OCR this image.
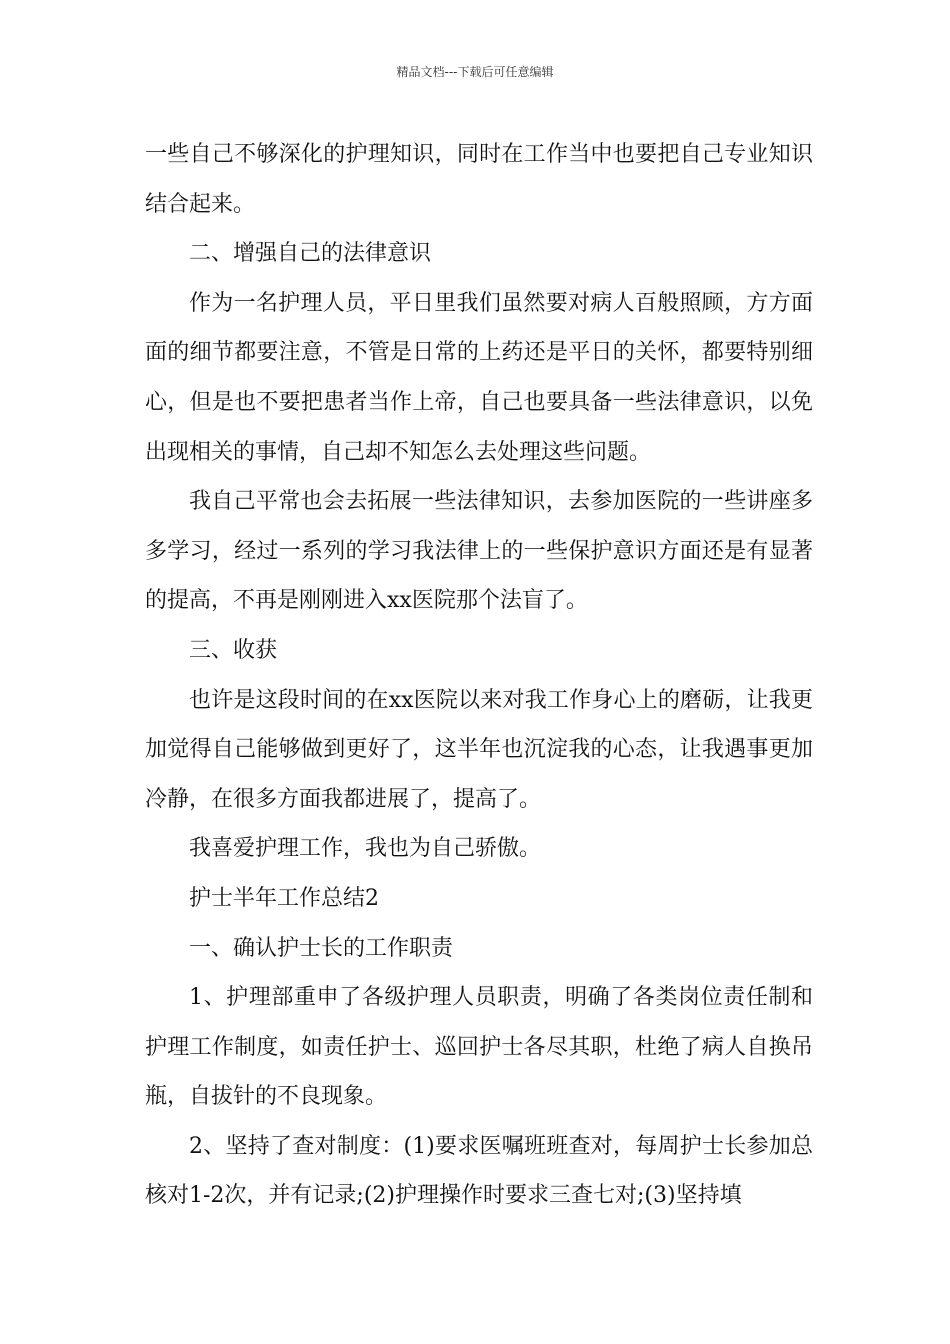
精品文档---下载后可任意编辑

一些自己不够深化的护理知识，同时在工作当中也要把自己专业知识结合起来。

二、增强自己的法律意识

作为一名护理人员，平日里我们虽然要对病人百般照顾，方方面面的细节都要注意，不管是日常的上药还是平日的关怀，都要特别细心，但是也不要把患者当作上帝，自己也要具备一些法律意识，以免出现相关的事情，自己却不知怎么去处理这些问题。

我自己平常也会去拓展一些法律知识，去参加医院的一些讲座多多学习，经过一系列的学习我法律上的一些保护意识方面还是有显著的提高，不再是刚刚进入xx医院那个法盲了。

三、收获

也许是这段时间的在xx医院以来对我工作身心上的磨砺，让我更加觉得自己能够做到更好了，这半年也沉淀我的心态，让我遇事更加冷静，在很多方面我都进展了，提高了。

我喜爱护理工作，我也为自己骄傲。

护士半年工作总结2

一、确认护士长的工作职责

1、护理部重申了各级护理人员职责，明确了各类岗位责任制和护理工作制度，如责任护士、巡回护士各尽其职，杜绝了病人自换吊瓶，自拔针的不良现象。

2、坚持了查对制度：(1)要求医嘱班班查对，每周护士长参加总核对1-2次，并有记录;(2)护理操作时要求三查七对;(3)坚持填
